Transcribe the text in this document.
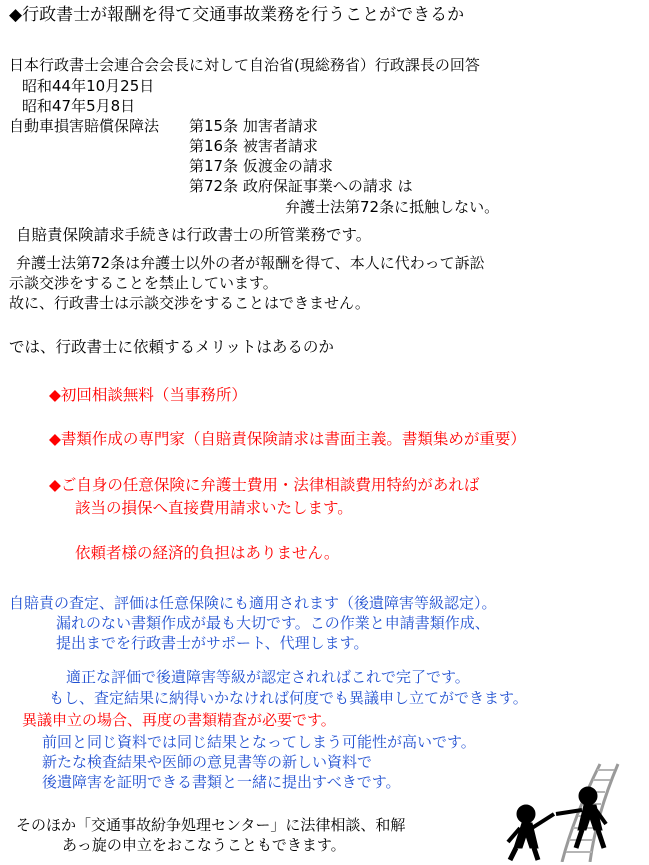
◆行政書士が報酬を得て交通事故業務を行うことができるか
日本行政書士会連合会会長に対して自治省(現総務省）行政課長の回答
昭和44年10月25日
昭和47年5月8日
自動車損害賠償保障法 第15条 加害者請求
第16条 被害者請求
第17条 仮渡金の請求
第72条 政府保証事業への請求 は
弁護士法第72条に抵触しない。
自賠責保険請求手続きは行政書士の所管業務です。
弁護士法第72条は弁護士以外の者が報酬を得て、本人に代わって訴訟
示談交渉をすることを禁止しています。
故に、行政書士は示談交渉をすることはできません。
では、行政書士に依頼するメリットはあるのか
◆初回相談無料（当事務所）
◆書類作成の専門家（自賠責保険請求は書面主義。書類集めが重要）
◆ご自身の任意保険に弁護士費用・法律相談費用特約があれば
該当の損保へ直接費用請求いたします。
依頼者様の経済的負担はありません。
自賠責の査定、評価は任意保険にも適用されます（後遺障害等級認定）。
漏れのない書類作成が最も大切です。この作業と申請書類作成、
提出までを行政書士がサポート、代理します。
適正な評価で後遺障害等級が認定されればこれで完了です。
もし、査定結果に納得いかなければ何度でも異議申し立てができます。
異議申立の場合、再度の書類精査が必要です。
前回と同じ資料では同じ結果となってしまう可能性が高いです。
新たな検査結果や医師の意見書等の新しい資料で
後遺障害を証明できる書類と一緒に提出すべきです。
そのほか「交通事故紛争処理センター」に法律相談、和解
あっ旋の申立をおこなうこともできます。
